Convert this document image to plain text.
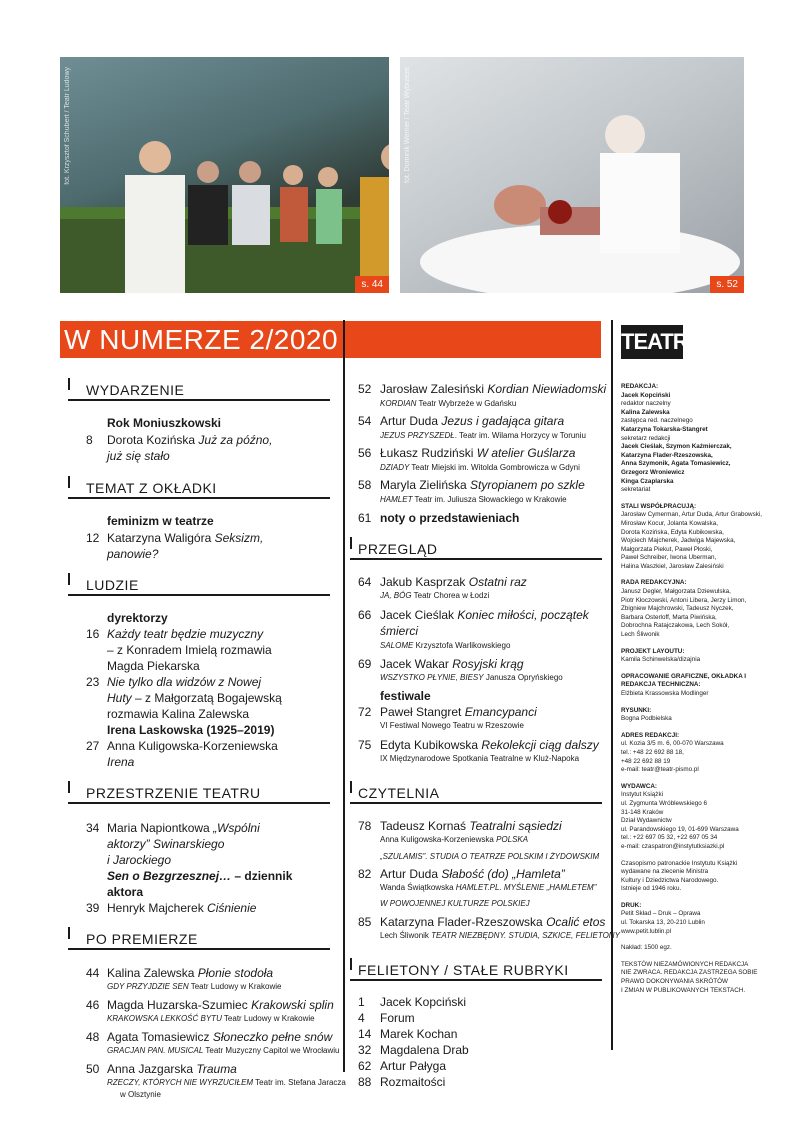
fot. Krzysztof Schubert / Teatr Ludowy
s. 44
fot. Dominik Werner / Teatr Wybrzeże
s. 52
W NUMERZE 2/2020
WYDARZENIE
Rok Moniuszkowski
8 Dorota Kozińska Już za późno,
już się stało
TEMAT Z OKŁADKI
feminizm w teatrze
12 Katarzyna Waligóra Seksizm,
panowie?
LUDZIE
dyrektorzy
16 Każdy teatr będzie muzyczny
– z Konradem Imielą rozmawia
Magda Piekarska
23 Nie tylko dla widzów z Nowej
Huty – z Małgorzatą Bogajewską
rozmawia Kalina Zalewska
Irena Laskowska (1925–2019)
27 Anna Kuligowska-Korzeniewska
Irena
PRZESTRZENIE TEATRU
34 Maria Napiontkowa „Wspólni
aktorzy” Swinarskiego
i Jarockiego
Sen o Bezgrzesznej… – dziennik
aktora
39 Henryk Majcherek Ciśnienie
PO PREMIERZE
44 Kalina Zalewska Płonie stodoła
GDY PRZYJDZIE SEN Teatr Ludowy w Krakowie
46 Magda Huzarska-Szumiec Krakowski splin
KRAKOWSKA LEKKOŚĆ BYTU Teatr Ludowy w Krakowie
48 Agata Tomasiewicz Słoneczko pełne snów
GRACJAN PAN. MUSICAL Teatr Muzyczny Capitol we Wrocławiu
50 Anna Jazgarska Trauma
RZECZY, KTÓRYCH NIE WYRZUCIŁEM Teatr im. Stefana Jaracza
w Olsztynie
52 Jarosław Zalesiński Kordian Niewiadomski
KORDIAN Teatr Wybrzeże w Gdańsku
54 Artur Duda Jezus i gadająca gitara
JEZUS PRZYSZEDŁ. Teatr im. Wilama Horzycy w Toruniu
56 Łukasz Rudziński W atelier Guślarza
DZIADY Teatr Miejski im. Witolda Gombrowicza w Gdyni
58 Maryla Zielińska Styropianem po szkle
HAMLET Teatr im. Juliusza Słowackiego w Krakowie
61 noty o przedstawieniach
PRZEGLĄD
64 Jakub Kasprzak Ostatni raz
JA, BÓG Teatr Chorea w Łodzi
66 Jacek Cieślak Koniec miłości, początek
śmierci
SALOME Krzysztofa Warlikowskiego
69 Jacek Wakar Rosyjski krąg
WSZYSTKO PŁYNIE, BIESY Janusza Opryńskiego
festiwale
72 Paweł Stangret Emancypanci
VI Festiwal Nowego Teatru w Rzeszowie
75 Edyta Kubikowska Rekolekcji ciąg dalszy
IX Międzynarodowe Spotkania Teatralne w Kluż-Napoka
CZYTELNIA
78 Tadeusz Kornaś Teatralni sąsiedzi
Anna Kuligowska-Korzeniewska POLSKA
„SZULAMIS”. STUDIA O TEATRZE POLSKIM I ŻYDOWSKIM
82 Artur Duda Słabość (do) „Hamleta”
Wanda Świątkowska HAMLET.PL. MYŚLENIE „HAMLETEM”
W POWOJENNEJ KULTURZE POLSKIEJ
85 Katarzyna Flader-Rzeszowska Ocalić etos
Lech Śliwonik TEATR NIEZBĘDNY. STUDIA, SZKICE, FELIETONY
FELIETONY / STAŁE RUBRYKI
1 Jacek Kopciński
4 Forum
14 Marek Kochan
32 Magdalena Drab
62 Artur Pałyga
88 Rozmaitości
TEATR
REDAKCJA:
Jacek Kopciński
redaktor naczelny
Kalina Zalewska
zastępca red. naczelnego
Katarzyna Tokarska-Stangret
sekretarz redakcji
Jacek Cieślak, Szymon Kaźmierczak,
Katarzyna Flader-Rzeszowska,
Anna Szymonik, Agata Tomasiewicz,
Grzegorz Wroniewicz
Kinga Czaplarska
sekretariat
STALI WSPÓŁPRACUJĄ:
Jarosław Cymerman, Artur Duda, Artur Grabowski,
Mirosław Kocur, Jolanta Kowalska,
Dorota Kozińska, Edyta Kubikowska,
Wojciech Majcherek, Jadwiga Majewska,
Małgorzata Piekut, Paweł Płoski,
Paweł Schreiber, Iwona Uberman,
Halina Waszkiel, Jarosław Zalesiński
RADA REDAKCYJNA:
Janusz Degler, Małgorzata Dziewulska,
Piotr Kłoczowski, Antoni Libera, Jerzy Limon,
Zbigniew Majchrowski, Tadeusz Nyczek,
Barbara Osterloff, Marta Piwińska,
Dobrochna Ratajczakowa, Lech Sokół,
Lech Śliwonik
PROJEKT LAYOUTU:
Kamila Schinwelska/dizajnia
OPRACOWANIE GRAFICZNE, OKŁADKA I REDAKCJA TECHNICZNA:
Elżbieta Krassowska Modlinger
RYSUNKI:
Bogna Podbielska
ADRES REDAKCJI:
ul. Kozia 3/5 m. 6, 00-070 Warszawa
tel.: +48 22 692 88 18,
+48 22 692 88 19
e-mail: teatr@teatr-pismo.pl
WYDAWCA:
Instytut Książki
ul. Zygmunta Wróblewskiego 6
31-148 Kraków
Dział Wydawnictw
ul. Parandowskiego 19, 01-699 Warszawa
tel.: +22 697 05 32, +22 697 05 34
e-mail: czaspatron@instytutksiazki.pl
Czasopismo patronackie Instytutu Książki
wydawane na zlecenie Ministra
Kultury i Dziedzictwa Narodowego.
Istnieje od 1946 roku.
DRUK:
Petit Skład – Druk – Oprawa
ul. Tokarska 13, 20-210 Lublin
www.petit.lublin.pl
Nakład: 1500 egz.
TEKSTÓW NIEZAMÓWIONYCH REDAKCJA
NIE ZWRACA. REDAKCJA ZASTRZEGA SOBIE
PRAWO DOKONYWANIA SKRÓTÓW
I ZMIAN W PUBLIKOWANYCH TEKSTACH.
